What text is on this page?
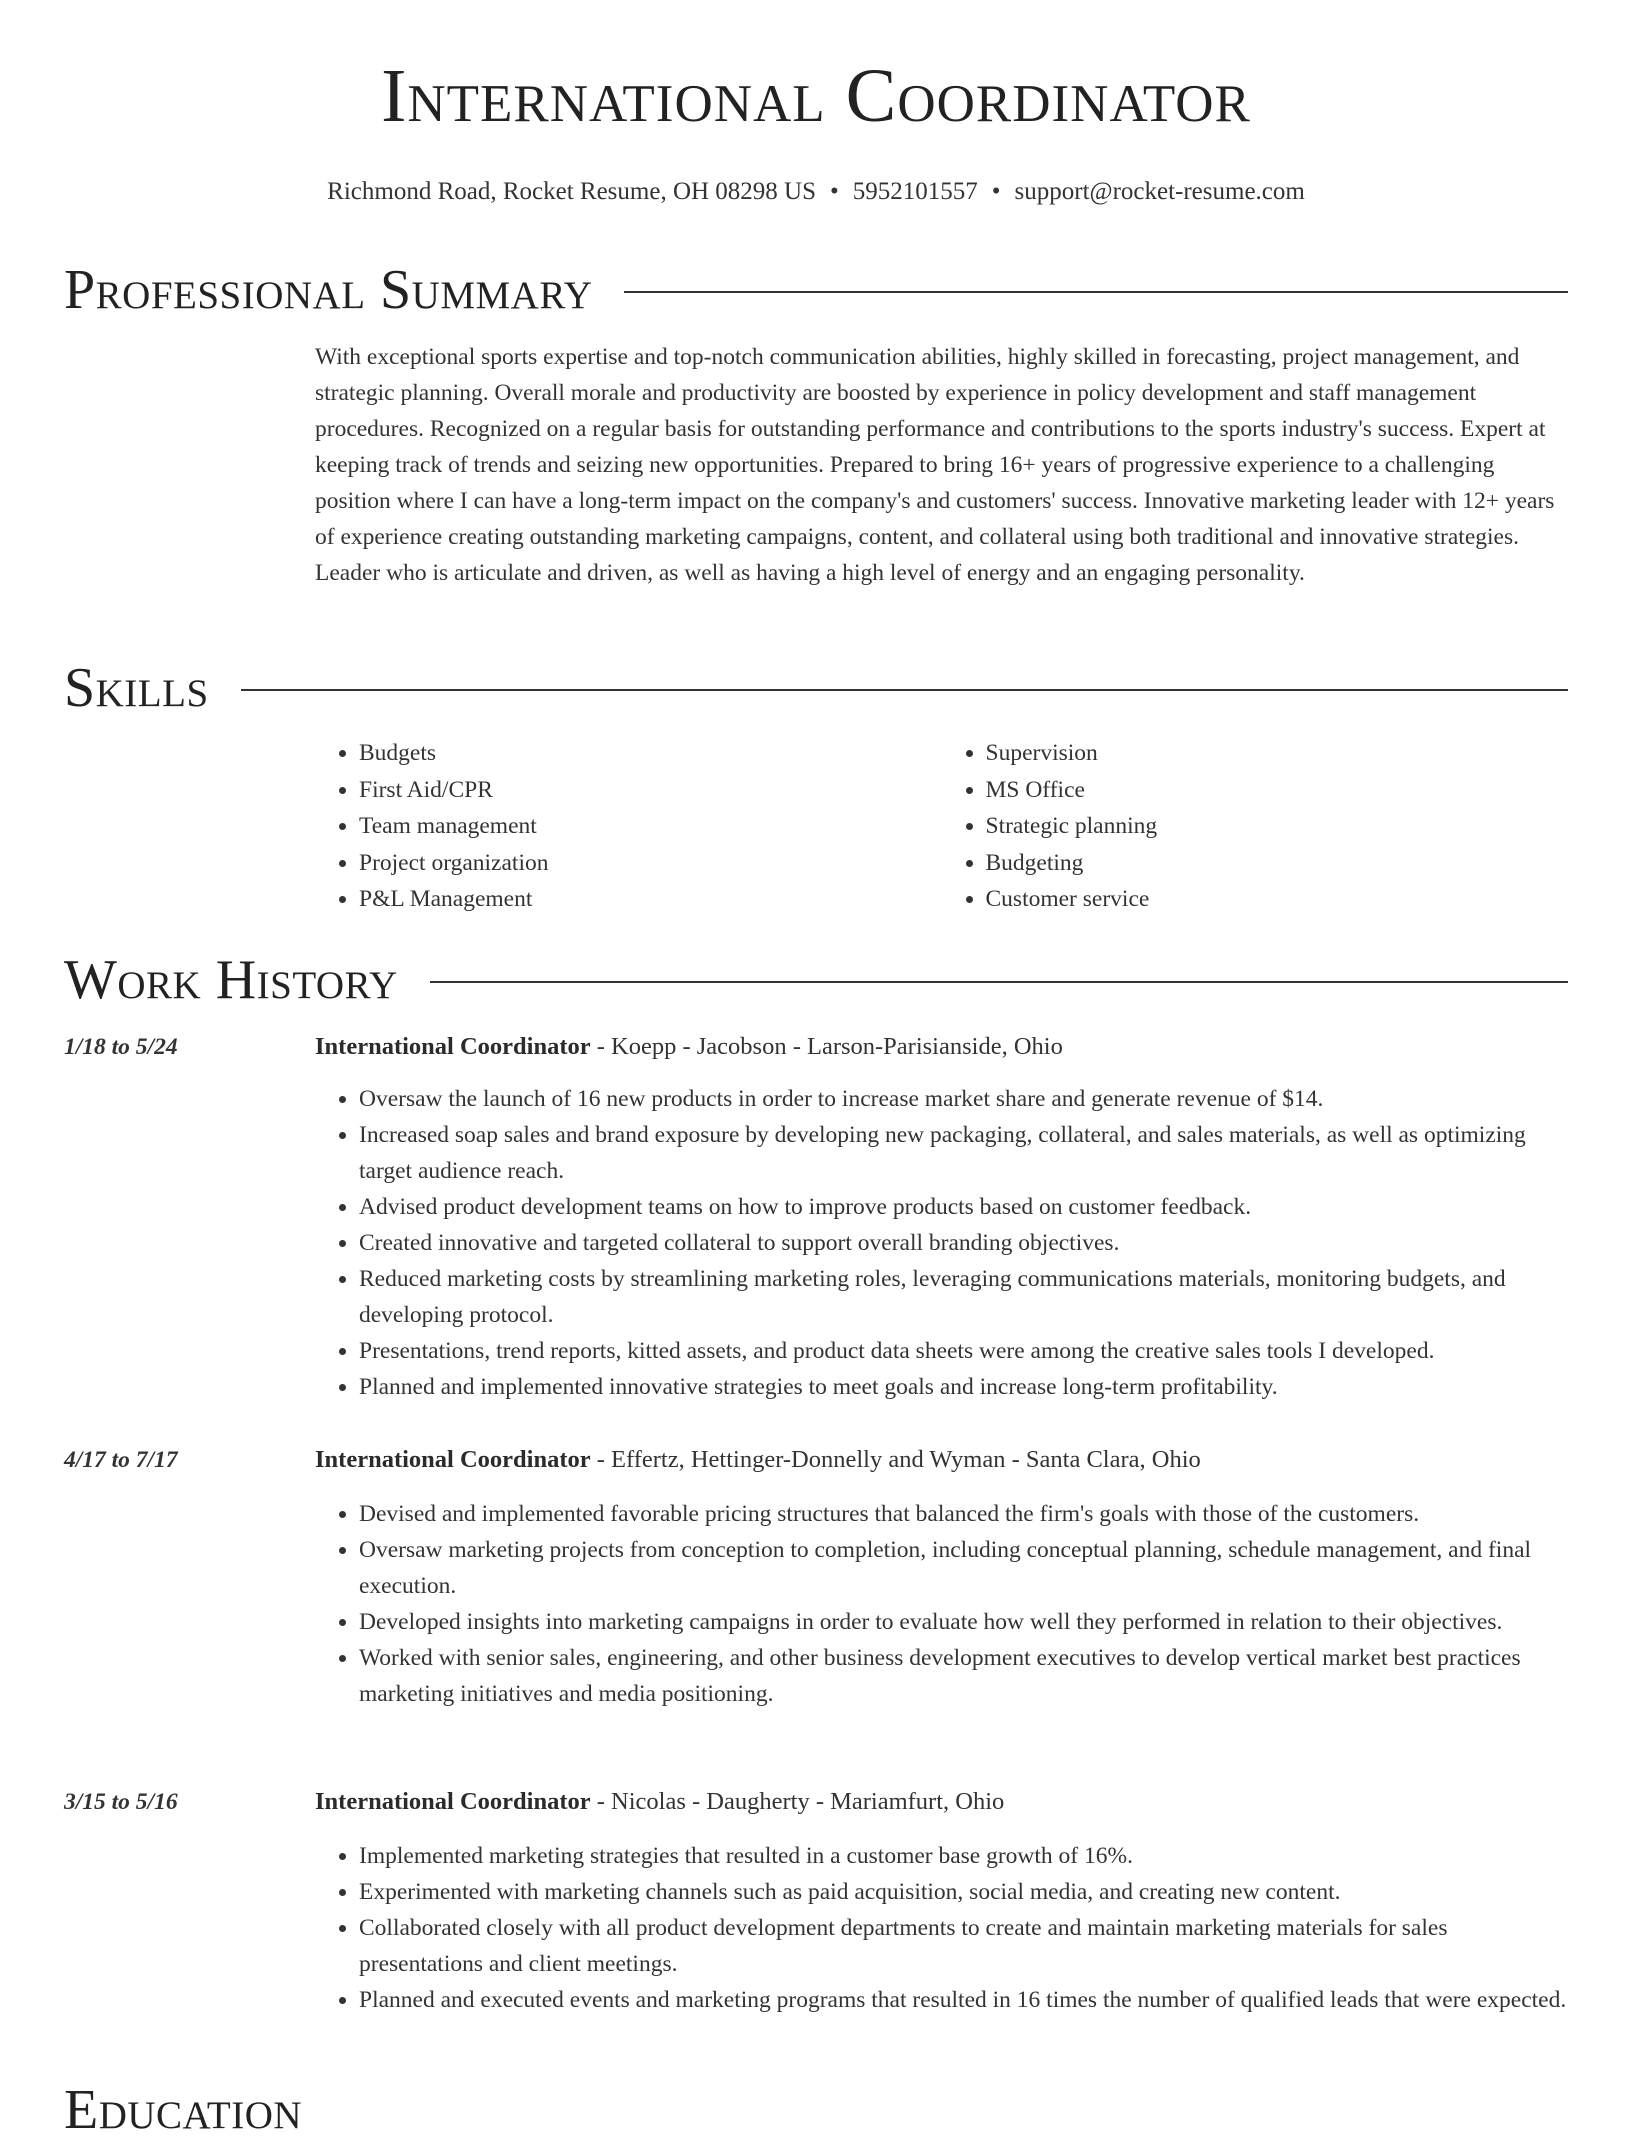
International Coordinator
Richmond Road, Rocket Resume, OH 08298 US • 5952101557 • support@rocket-resume.com
Professional Summary
With exceptional sports expertise and top-notch communication abilities, highly skilled in forecasting, project management, and strategic planning. Overall morale and productivity are boosted by experience in policy development and staff management procedures. Recognized on a regular basis for outstanding performance and contributions to the sports industry's success. Expert at keeping track of trends and seizing new opportunities. Prepared to bring 16+ years of progressive experience to a challenging position where I can have a long-term impact on the company's and customers' success. Innovative marketing leader with 12+ years of experience creating outstanding marketing campaigns, content, and collateral using both traditional and innovative strategies. Leader who is articulate and driven, as well as having a high level of energy and an engaging personality.
Skills
• Budgets
• First Aid/CPR
• Team management
• Project organization
• P&L Management
• Supervision
• MS Office
• Strategic planning
• Budgeting
• Customer service
Work History
1/18 to 5/24	International Coordinator - Koepp - Jacobson - Larson-Parisianside, Ohio
• Oversaw the launch of 16 new products in order to increase market share and generate revenue of $14.
• Increased soap sales and brand exposure by developing new packaging, collateral, and sales materials, as well as optimizing target audience reach.
• Advised product development teams on how to improve products based on customer feedback.
• Created innovative and targeted collateral to support overall branding objectives.
• Reduced marketing costs by streamlining marketing roles, leveraging communications materials, monitoring budgets, and developing protocol.
• Presentations, trend reports, kitted assets, and product data sheets were among the creative sales tools I developed.
• Planned and implemented innovative strategies to meet goals and increase long-term profitability.
4/17 to 7/17	International Coordinator - Effertz, Hettinger-Donnelly and Wyman - Santa Clara, Ohio
• Devised and implemented favorable pricing structures that balanced the firm's goals with those of the customers.
• Oversaw marketing projects from conception to completion, including conceptual planning, schedule management, and final execution.
• Developed insights into marketing campaigns in order to evaluate how well they performed in relation to their objectives.
• Worked with senior sales, engineering, and other business development executives to develop vertical market best practices marketing initiatives and media positioning.
3/15 to 5/16	International Coordinator - Nicolas - Daugherty - Mariamfurt, Ohio
• Implemented marketing strategies that resulted in a customer base growth of 16%.
• Experimented with marketing channels such as paid acquisition, social media, and creating new content.
• Collaborated closely with all product development departments to create and maintain marketing materials for sales presentations and client meetings.
• Planned and executed events and marketing programs that resulted in 16 times the number of qualified leads that were expected.
Education
